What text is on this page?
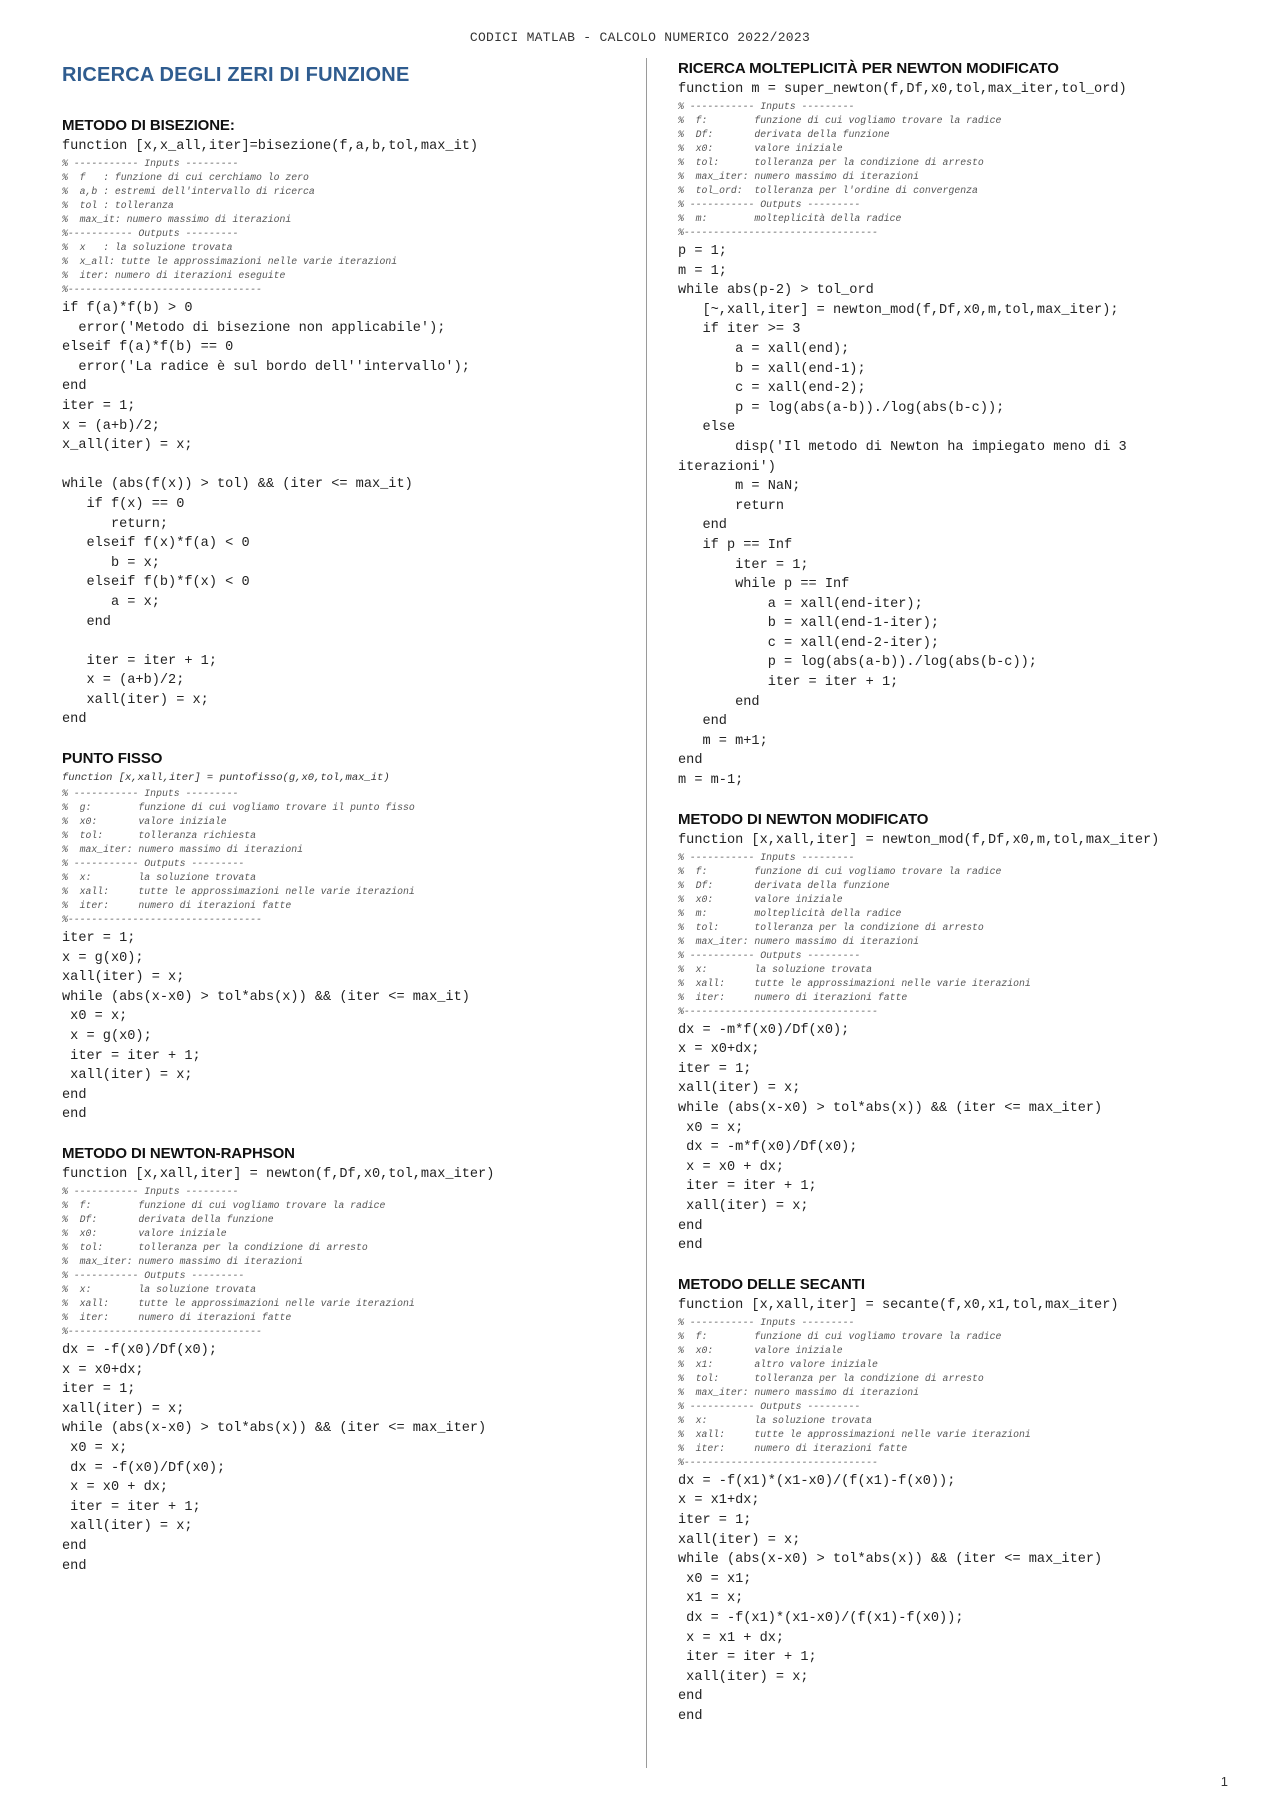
CODICI MATLAB - CALCOLO NUMERICO 2022/2023
RICERCA DEGLI ZERI DI FUNZIONE
METODO DI BISEZIONE:
function [x,x_all,iter]=bisezione(f,a,b,tol,max_it)
% ----------- Inputs ---------
%  f   : funzione di cui cerchiamo lo zero
%  a,b : estremi dell'intervallo di ricerca
%  tol : tolleranza
%  max_it: numero massimo di iterazioni
%----------- Outputs ---------
%  x   : la soluzione trovata
%  x_all: tutte le approssimazioni nelle varie iterazioni
%  iter: numero di iterazioni eseguite
%---------------------------------
if f(a)*f(b) > 0
error('Metodo di bisezione non applicabile');
elseif f(a)*f(b) == 0
error('La radice è sul bordo dell''intervallo');
end
iter = 1;
x = (a+b)/2;
x_all(iter) = x;

while (abs(f(x)) > tol) && (iter <= max_it)
if f(x) == 0
return;
elseif f(x)*f(a) < 0
b = x;
elseif f(b)*f(x) < 0
a = x;
end

iter = iter + 1;
x = (a+b)/2;
xall(iter) = x;
end
PUNTO FISSO
function [x,xall,iter] = puntofisso(g,x0,tol,max_it)
% ----------- Inputs ---------
%  g:        funzione di cui vogliamo trovare il punto fisso
%  x0:       valore iniziale
%  tol:      tolleranza richiesta
%  max_iter: numero massimo di iterazioni
% ----------- Outputs ---------
%  x:        la soluzione trovata
%  xall:     tutte le approssimazioni nelle varie iterazioni
%  iter:     numero di iterazioni fatte
%---------------------------------
iter = 1;
x = g(x0);
xall(iter) = x;
while (abs(x-x0) > tol*abs(x)) && (iter <= max_it)
x0 = x;
x = g(x0);
iter = iter + 1;
xall(iter) = x;
end
end
METODO DI NEWTON-RAPHSON
function [x,xall,iter] = newton(f,Df,x0,tol,max_iter)
% ----------- Inputs ---------
%  f:        funzione di cui vogliamo trovare la radice
%  Df:       derivata della funzione
%  x0:       valore iniziale
%  tol:      tolleranza per la condizione di arresto
%  max_iter: numero massimo di iterazioni
% ----------- Outputs ---------
%  x:        la soluzione trovata
%  xall:     tutte le approssimazioni nelle varie iterazioni
%  iter:     numero di iterazioni fatte
%---------------------------------
dx = -f(x0)/Df(x0);
x = x0+dx;
iter = 1;
xall(iter) = x;
while (abs(x-x0) > tol*abs(x)) && (iter <= max_iter)
x0 = x;
dx = -f(x0)/Df(x0);
x = x0 + dx;
iter = iter + 1;
xall(iter) = x;
end
end
RICERCA MOLTEPLICITÀ PER NEWTON MODIFICATO
function m = super_newton(f,Df,x0,tol,max_iter,tol_ord)
% ----------- Inputs ---------
%  f:        funzione di cui vogliamo trovare la radice
%  Df:       derivata della funzione
%  x0:       valore iniziale
%  tol:      tolleranza per la condizione di arresto
%  max_iter: numero massimo di iterazioni
%  tol_ord:  tolleranza per l'ordine di convergenza
% ----------- Outputs ---------
%  m:        molteplicità della radice
%---------------------------------
p = 1;
m = 1;
while abs(p-2) > tol_ord
[~,xall,iter] = newton_mod(f,Df,x0,m,tol,max_iter);
if iter >= 3
a = xall(end);
b = xall(end-1);
c = xall(end-2);
p = log(abs(a-b))./log(abs(b-c));
else
disp('Il metodo di Newton ha impiegato meno di 3
iterazioni')
m = NaN;
return
end
if p == Inf
iter = 1;
while p == Inf
a = xall(end-iter);
b = xall(end-1-iter);
c = xall(end-2-iter);
p = log(abs(a-b))./log(abs(b-c));
iter = iter + 1;
end
end
m = m+1;
end
m = m-1;
METODO DI NEWTON MODIFICATO
function [x,xall,iter] = newton_mod(f,Df,x0,m,tol,max_iter)
% ----------- Inputs ---------
%  f:        funzione di cui vogliamo trovare la radice
%  Df:       derivata della funzione
%  x0:       valore iniziale
%  m:        molteplicità della radice
%  tol:      tolleranza per la condizione di arresto
%  max_iter: numero massimo di iterazioni
% ----------- Outputs ---------
%  x:        la soluzione trovata
%  xall:     tutte le approssimazioni nelle varie iterazioni
%  iter:     numero di iterazioni fatte
%---------------------------------
dx = -m*f(x0)/Df(x0);
x = x0+dx;
iter = 1;
xall(iter) = x;
while (abs(x-x0) > tol*abs(x)) && (iter <= max_iter)
x0 = x;
dx = -m*f(x0)/Df(x0);
x = x0 + dx;
iter = iter + 1;
xall(iter) = x;
end
end
METODO DELLE SECANTI
function [x,xall,iter] = secante(f,x0,x1,tol,max_iter)
% ----------- Inputs ---------
%  f:        funzione di cui vogliamo trovare la radice
%  x0:       valore iniziale
%  x1:       altro valore iniziale
%  tol:      tolleranza per la condizione di arresto
%  max_iter: numero massimo di iterazioni
% ----------- Outputs ---------
%  x:        la soluzione trovata
%  xall:     tutte le approssimazioni nelle varie iterazioni
%  iter:     numero di iterazioni fatte
%---------------------------------
dx = -f(x1)*(x1-x0)/(f(x1)-f(x0));
x = x1+dx;
iter = 1;
xall(iter) = x;
while (abs(x-x0) > tol*abs(x)) && (iter <= max_iter)
x0 = x1;
x1 = x;
dx = -f(x1)*(x1-x0)/(f(x1)-f(x0));
x = x1 + dx;
iter = iter + 1;
xall(iter) = x;
end
end
1
